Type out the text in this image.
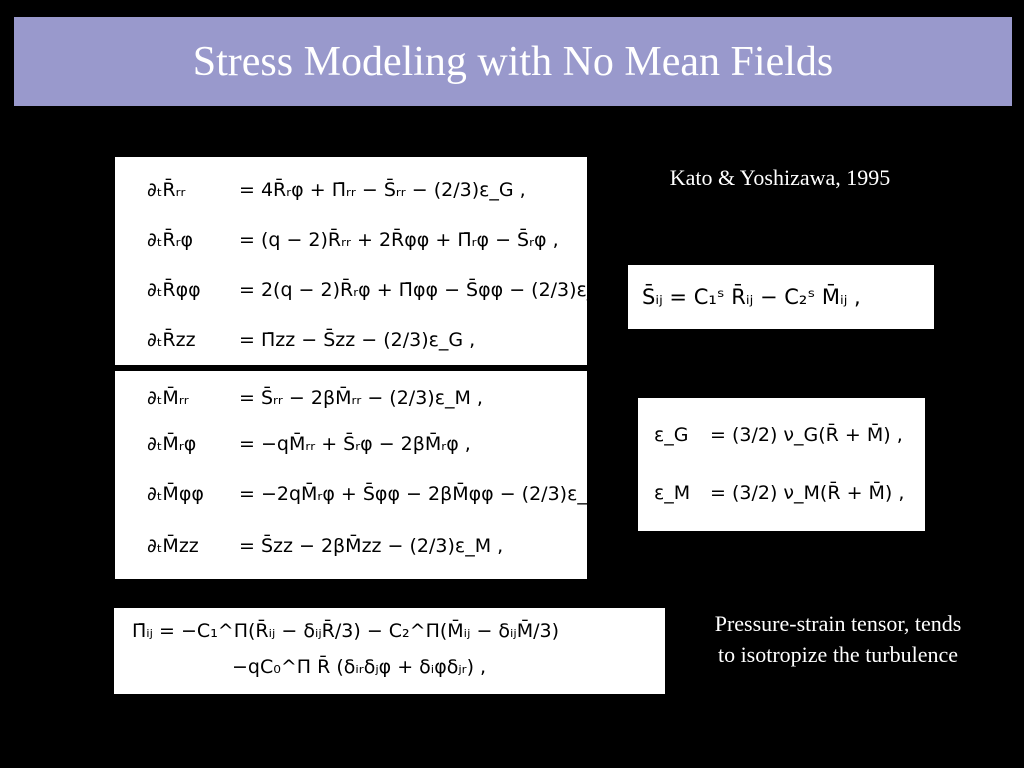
Stress Modeling with No Mean Fields
∂ₜR̄ᵣᵣ	= 4R̄ᵣφ + Π̄ᵣᵣ − S̄ᵣᵣ − (2/3)ε_G ,
∂ₜR̄ᵣφ = (q − 2)R̄ᵣᵣ + 2R̄φφ + Π̄ᵣφ − S̄ᵣφ ,
∂ₜR̄φφ = 2(q − 2)R̄ᵣφ + Π̄φφ − S̄φφ − (2/3)ε_G ,
∂ₜR̄zz = Π̄zz − S̄zz − (2/3)ε_G ,
∂ₜM̄ᵣᵣ	= S̄ᵣᵣ − 2βM̄ᵣᵣ − (2/3)ε_M ,
∂ₜM̄ᵣφ = −qM̄ᵣᵣ + S̄ᵣφ − 2βM̄ᵣφ ,
∂ₜM̄φφ = −2qM̄ᵣφ + S̄φφ − 2βM̄φφ − (2/3)ε_M ,
∂ₜM̄zz = S̄zz − 2βM̄zz − (2/3)ε_M ,
Kato & Yoshizawa, 1995
S̄ᵢⱼ = C₁ˢ R̄ᵢⱼ − C₂ˢ M̄ᵢⱼ ,
ε_G = (3/2) ν_G(R̄ + M̄) ,
ε_M = (3/2) ν_M(R̄ + M̄) ,
Π̄ᵢⱼ = −C₁^Π(R̄ᵢⱼ − δᵢⱼR̄/3) − C₂^Π(M̄ᵢⱼ − δᵢⱼM̄/3)
−qC₀^Π R̄ (δᵢᵣδⱼφ + δᵢφδⱼᵣ) ,
Pressure-strain tensor, tends to isotropize the turbulence
